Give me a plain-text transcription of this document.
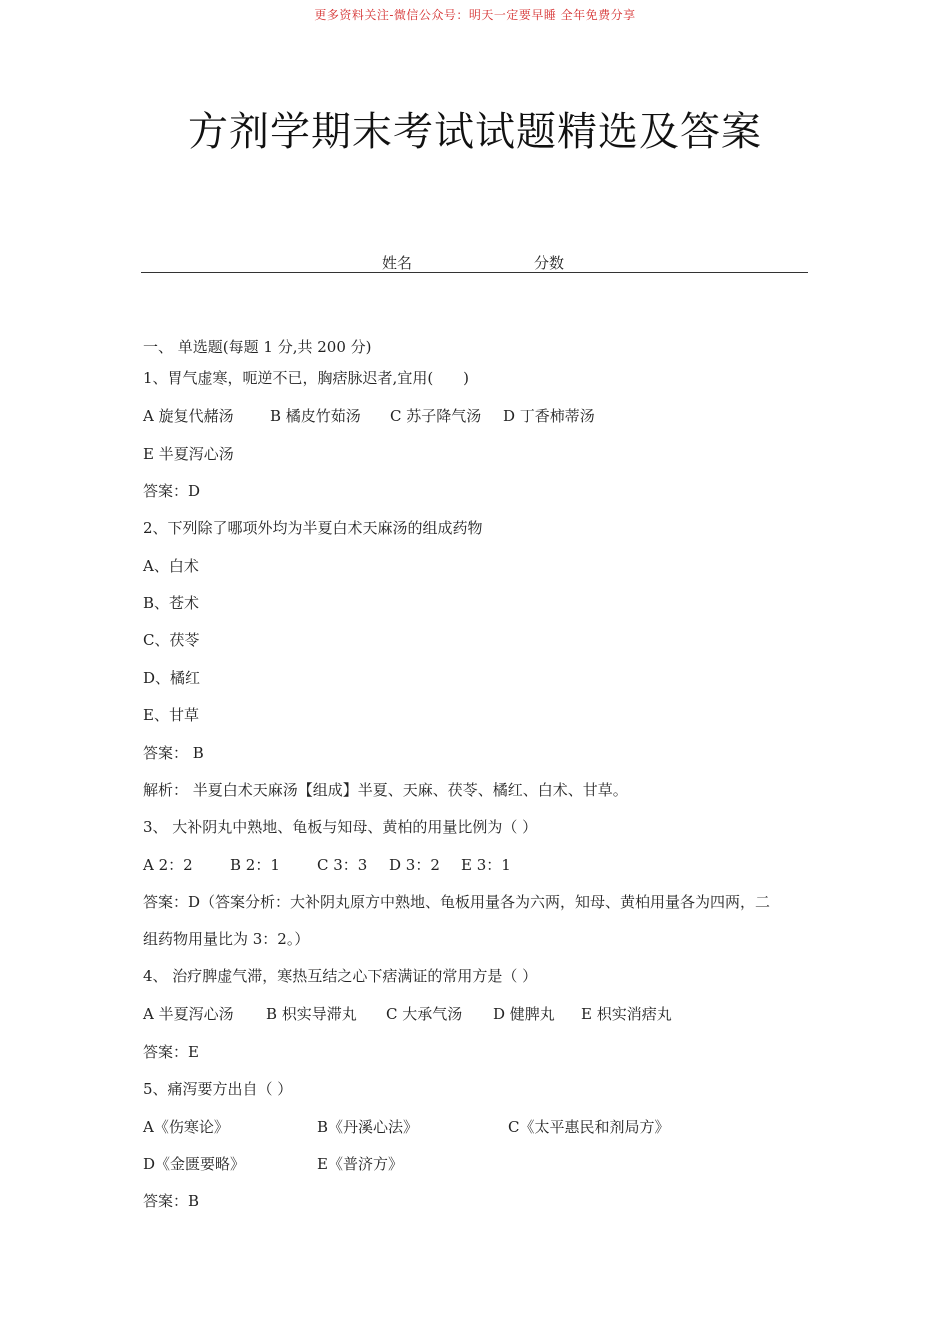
更多资料关注-微信公众号：明天一定要早睡 全年免费分享
方剂学期末考试试题精选及答案
姓名	分数
一、 单选题(每题 1 分,共 200 分)
1、胃气虚寒，呃逆不已，胸痞脉迟者,宜用(　　)
A 旋复代赭汤 B 橘皮竹茹汤 C 苏子降气汤 D 丁香柿蒂汤
E 半夏泻心汤
答案：D
2、下列除了哪项外均为半夏白术天麻汤的组成药物
A、白术
B、苍术
C、茯苓
D、橘红
E、甘草
答案： B
解析： 半夏白术天麻汤【组成】半夏、天麻、茯苓、橘红、白术、甘草。
3、 大补阴丸中熟地、龟板与知母、黄柏的用量比例为（ ）
A 2：2 B 2：1 C 3：3 D 3：2 E 3：1
答案：D（答案分析：大补阴丸原方中熟地、龟板用量各为六两，知母、黄柏用量各为四两，二
组药物用量比为 3：2。）
4、 治疗脾虚气滞，寒热互结之心下痞满证的常用方是（ ）
A 半夏泻心汤 B 枳实导滞丸 C 大承气汤 D 健脾丸 E 枳实消痞丸
答案：E
5、痛泻要方出自（ ）
A《伤寒论》	B《丹溪心法》	C《太平惠民和剂局方》
D《金匮要略》	E《普济方》
答案：B
